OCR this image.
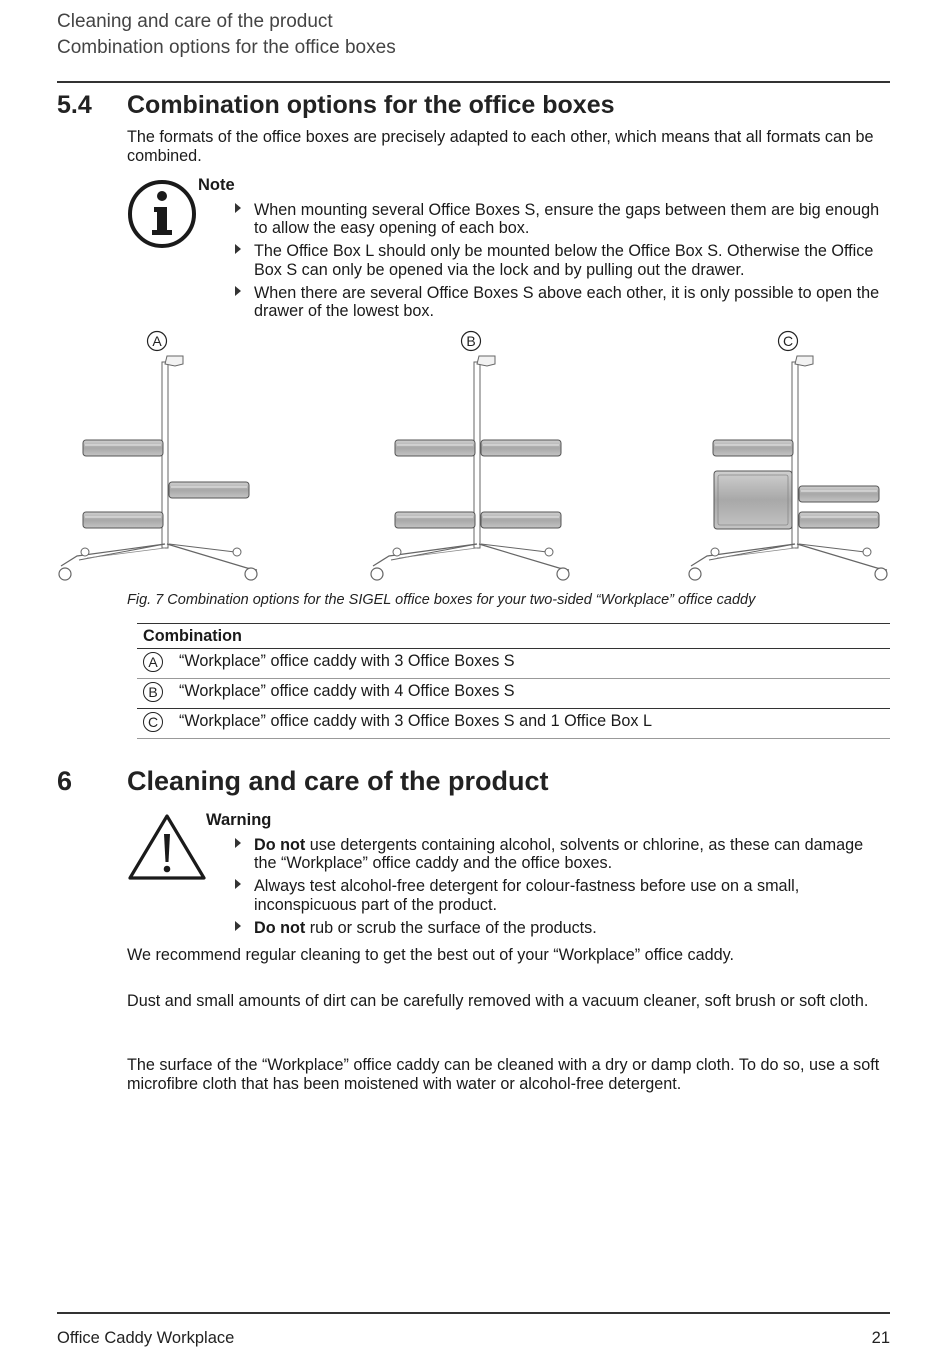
Cleaning and care of the product
Combination options for the office boxes
5.4 Combination options for the office boxes
The formats of the office boxes are precisely adapted to each other, which means that all formats can be combined.
Note
When mounting several Office Boxes S, ensure the gaps between them are big enough to allow the easy opening of each box.
The Office Box L should only be mounted below the Office Box S. Otherwise the Office Box S can only be opened via the lock and by pulling out the drawer.
When there are several Office Boxes S above each other, it is only possible to open the drawer of the lowest box.
A	B	C
Fig. 7 Combination options for the SIGEL office boxes for your two-sided “Workplace” office caddy
Combination	
A	“Workplace” office caddy with 3 Office Boxes S
B	“Workplace” office caddy with 4 Office Boxes S
C	“Workplace” office caddy with 3 Office Boxes S and 1 Office Box L
6 Cleaning and care of the product
Warning
Do not use detergents containing alcohol, solvents or chlorine, as these can damage the “Workplace” office caddy and the office boxes.
Always test alcohol-free detergent for colour-fastness before use on a small, inconspicuous part of the product.
Do not rub or scrub the surface of the products.
We recommend regular cleaning to get the best out of your “Workplace” office caddy.
Dust and small amounts of dirt can be carefully removed with a vacuum cleaner, soft brush or soft cloth.
The surface of the “Workplace” office caddy can be cleaned with a dry or damp cloth. To do so, use a soft microfibre cloth that has been moistened with water or alcohol-free detergent.
Office Caddy Workplace	21
